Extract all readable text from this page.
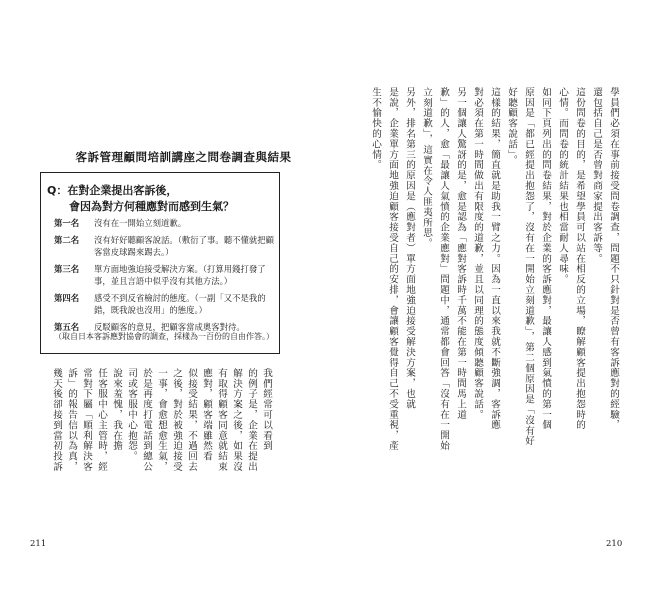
客訴管理顧問培訓講座之問卷調查與結果
Q：在對企業提出客訴後，
會因為對方何種應對而感到生氣？
第一名	沒有在一開始立刻道歉。
第二名	沒有好好聽顧客說話。（敷衍了事。聽不懂就把顧客當皮球踢來踢去。）
第三名	單方面地強迫接受解決方案。（打算用錢打發了事，並且言語中似乎沒有其他方法。）
第四名	感受不到反省檢討的態度。（一副「又不是我的錯，既我說也沒用」的態度。）
第五名	反駁顧客的意見，把顧客當成奧客對待。
（取自日本客訴應對協會的調查，採樣為一百份的自由作答。）
我們經常可以看到
的例子是，企業在提出
解決方案之後，如果沒
有取得顧客同意就結束
應對，顧客端雖然看
似接受結果，不過回去
之後，對於被強迫接受
一事，會愈想愈生氣，
於是再度打電話到總公
司或客服中心抱怨。
說來羞愧，我在擔
任客服中心主管時，經
常對下屬「順利解決客
訴」的報告信以為真，
幾天後卻接到當初投訴	學員們必須在事前接受問卷調查，問題不只針對是否曾有客訴應對的經驗，
還包括自己是否曾對商家提出客訴等。
這份問卷的目的，是希望學員可以站在相反的立場，瞭解顧客提出抱怨時的
心情。而問卷的統計結果也相當耐人尋味。
如同下頁列出的問卷結果，對於企業的客訴應對，最讓人感到氣憤的第一個
原因是「都已經提出抱怨了，沒有在一開始立刻道歉」，第二個原因是「沒有好
好聽顧客說話」。
這樣的結果，簡直就是助我一臂之力。因為一直以來我就不斷強調，客訴應
對必須在第一時間做出有限度的道歉，並且以同理的態度傾聽顧客說話。
另一個讓人驚訝的是，愈是認為「應對客訴時千萬不能在第一時間馬上道
歉」的人，愈「最讓人氣憤的企業應對」問題中，通常都會回答「沒有在一開始
立刻道歉」，這實在令人匪夷所思。
另外，排名第三的原因是（應對者）單方面地強迫接受解決方案，也就
是說，企業單方面地強迫顧客接受自己的安排，會讓顧客覺得自己不受重視，產
生不愉快的心情。
211	210
